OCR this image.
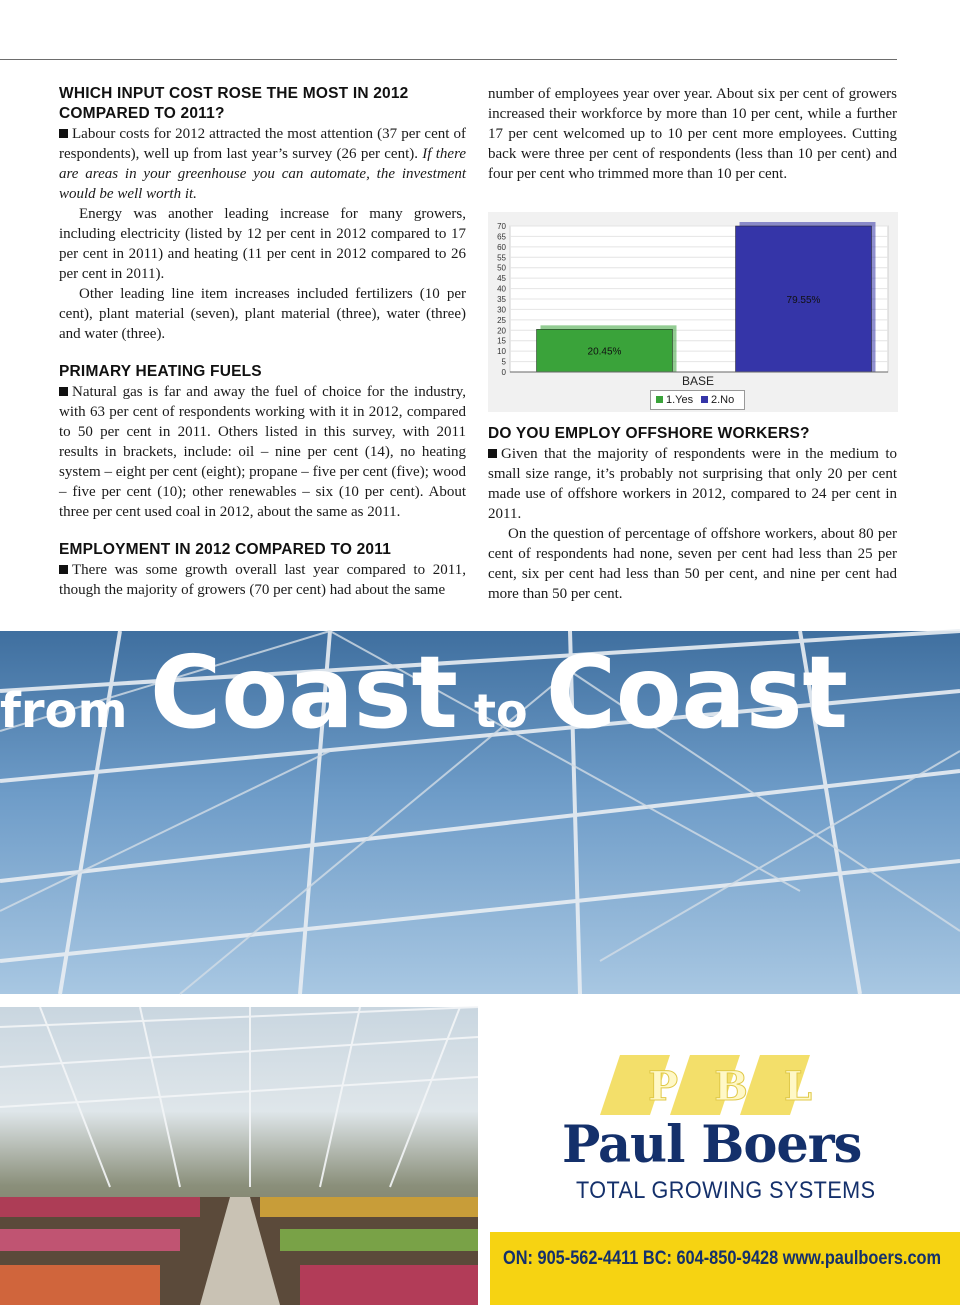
WHICH INPUT COST ROSE THE MOST IN 2012 COMPARED TO 2011?

Labour costs for 2012 attracted the most attention (37 per cent of respondents), well up from last year’s survey (26 per cent). If there are areas in your greenhouse you can automate, the investment would be well worth it.

Energy was another leading increase for many growers, including electricity (listed by 12 per cent in 2012 compared to 17 per cent in 2011) and heating (11 per cent in 2012 compared to 26 per cent in 2011).

Other leading line item increases included fertilizers (10 per cent), plant material (seven), plant material (three), water (three) and water (three).

PRIMARY HEATING FUELS

Natural gas is far and away the fuel of choice for the industry, with 63 per cent of respondents working with it in 2012, compared to 50 per cent in 2011. Others listed in this survey, with 2011 results in brackets, include: oil – nine per cent (14), no heating system – eight per cent (eight); propane – five per cent (five); wood – five per cent (10); other renewables – six (10 per cent). About three per cent used coal in 2012, about the same as 2011.

EMPLOYMENT IN 2012 COMPARED TO 2011

There was some growth overall last year compared to 2011, though the majority of growers (70 per cent) had about the same

number of employees year over year. About six per cent of growers increased their workforce by more than 10 per cent, while a further 17 per cent welcomed up to 10 per cent more employees. Cutting back were three per cent of respondents (less than 10 per cent) and four per cent who trimmed more than 10 per cent.

70
65
60
55
50
45
40
35
30
25
20
15
10
5
0
20.45%
79.55%
BASE
1.Yes	2.No
DO YOU EMPLOY OFFSHORE WORKERS?

Given that the majority of respondents were in the medium to small size range, it’s probably not surprising that only 20 per cent made use of offshore workers in 2012, compared to 24 per cent in 2011.

On the question of percentage of offshore workers, about 80 per cent of respondents had none, seven per cent had less than 25 per cent, six per cent had less than 50 per cent, and nine per cent had more than 50 per cent.

from Coast to Coast
PBL
Paul Boers
TOTAL GROWING SYSTEMS
ON: 905-562-4411 BC: 604-850-9428 www.paulboers.com
